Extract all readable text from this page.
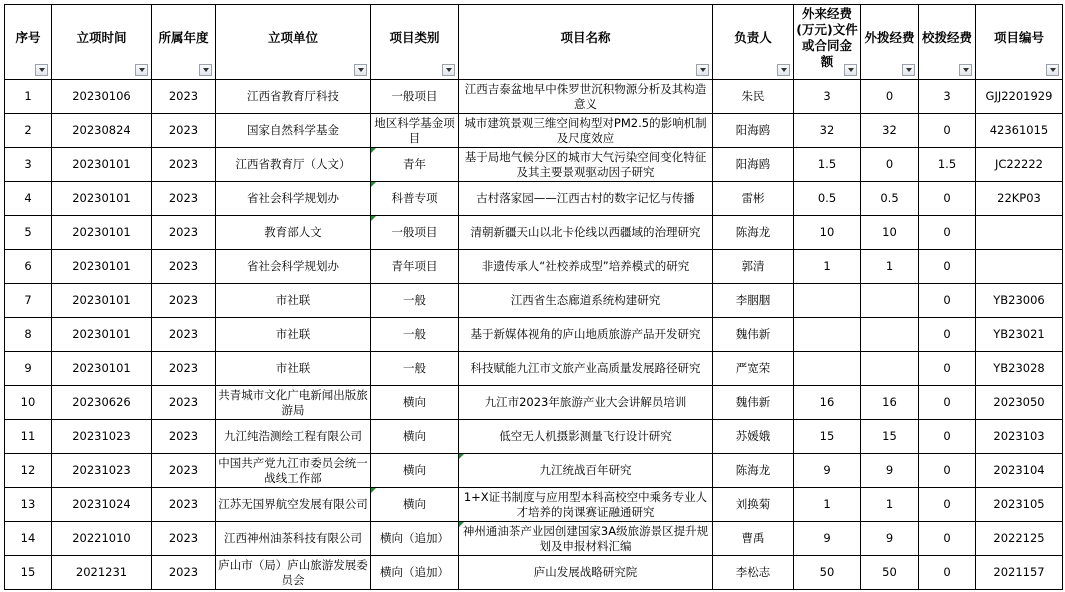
序号	立项时间	所属年度	立项单位	项目类别	项目名称	负责人	外来经费(万元)文件或合同金额	外拨经费	校拨经费	项目编号

1	20230106	2023	江西省教育厅科技	一般项目	江西吉泰盆地早中侏罗世沉积物源分析及其构造意义	朱民	3	0	3	GJJ2201929
2	20230824	2023	国家自然科学基金	地区科学基金项目	城市建筑景观三维空间构型对PM2.5的影响机制及尺度效应	阳海鸥	32	32	0	42361015
3	20230101	2023	江西省教育厅（人文）	青年	基于局地气候分区的城市大气污染空间变化特征及其主要景观驱动因子研究	阳海鸥	1.5	0	1.5	JC22222
4	20230101	2023	省社会科学规划办	科普专项	古村落家园——江西古村的数字记忆与传播	雷彬	0.5	0.5	0	22KP03
5	20230101	2023	教育部人文	一般项目	清朝新疆天山以北卡伦线以西疆域的治理研究	陈海龙	10	10	0	
6	20230101	2023	省社会科学规划办	青年项目	非遗传承人“社校养成型”培养模式的研究	郭清	1	1	0	
7	20230101	2023	市社联	一般	江西省生态廊道系统构建研究	李胭胭			0	YB23006
8	20230101	2023	市社联	一般	基于新媒体视角的庐山地质旅游产品开发研究	魏伟新			0	YB23021
9	20230101	2023	市社联	一般	科技赋能九江市文旅产业高质量发展路径研究	严宽荣			0	YB23028
10	20230626	2023	共青城市文化广电新闻出版旅游局	横向	九江市2023年旅游产业大会讲解员培训	魏伟新	16	16	0	2023050
11	20231023	2023	九江纯浩测绘工程有限公司	横向	低空无人机摄影测量飞行设计研究	苏媛娥	15	15	0	2023103
12	20231023	2023	中国共产党九江市委员会统一战线工作部	横向	九江统战百年研究	陈海龙	9	9	0	2023104
13	20231024	2023	江苏无国界航空发展有限公司	横向	1+X证书制度与应用型本科高校空中乘务专业人才培养的岗课赛证融通研究	刘换菊	1	1	0	2023105
14	20221010	2023	江西神州油茶科技有限公司	横向（追加）	神州通油茶产业园创建国家3A级旅游景区提升规划及申报材料汇编	曹禹	9	9	0	2022125
15	2021231	2023	庐山市（局）庐山旅游发展委员会	横向（追加）	庐山发展战略研究院	李松志	50	50	0	2021157
